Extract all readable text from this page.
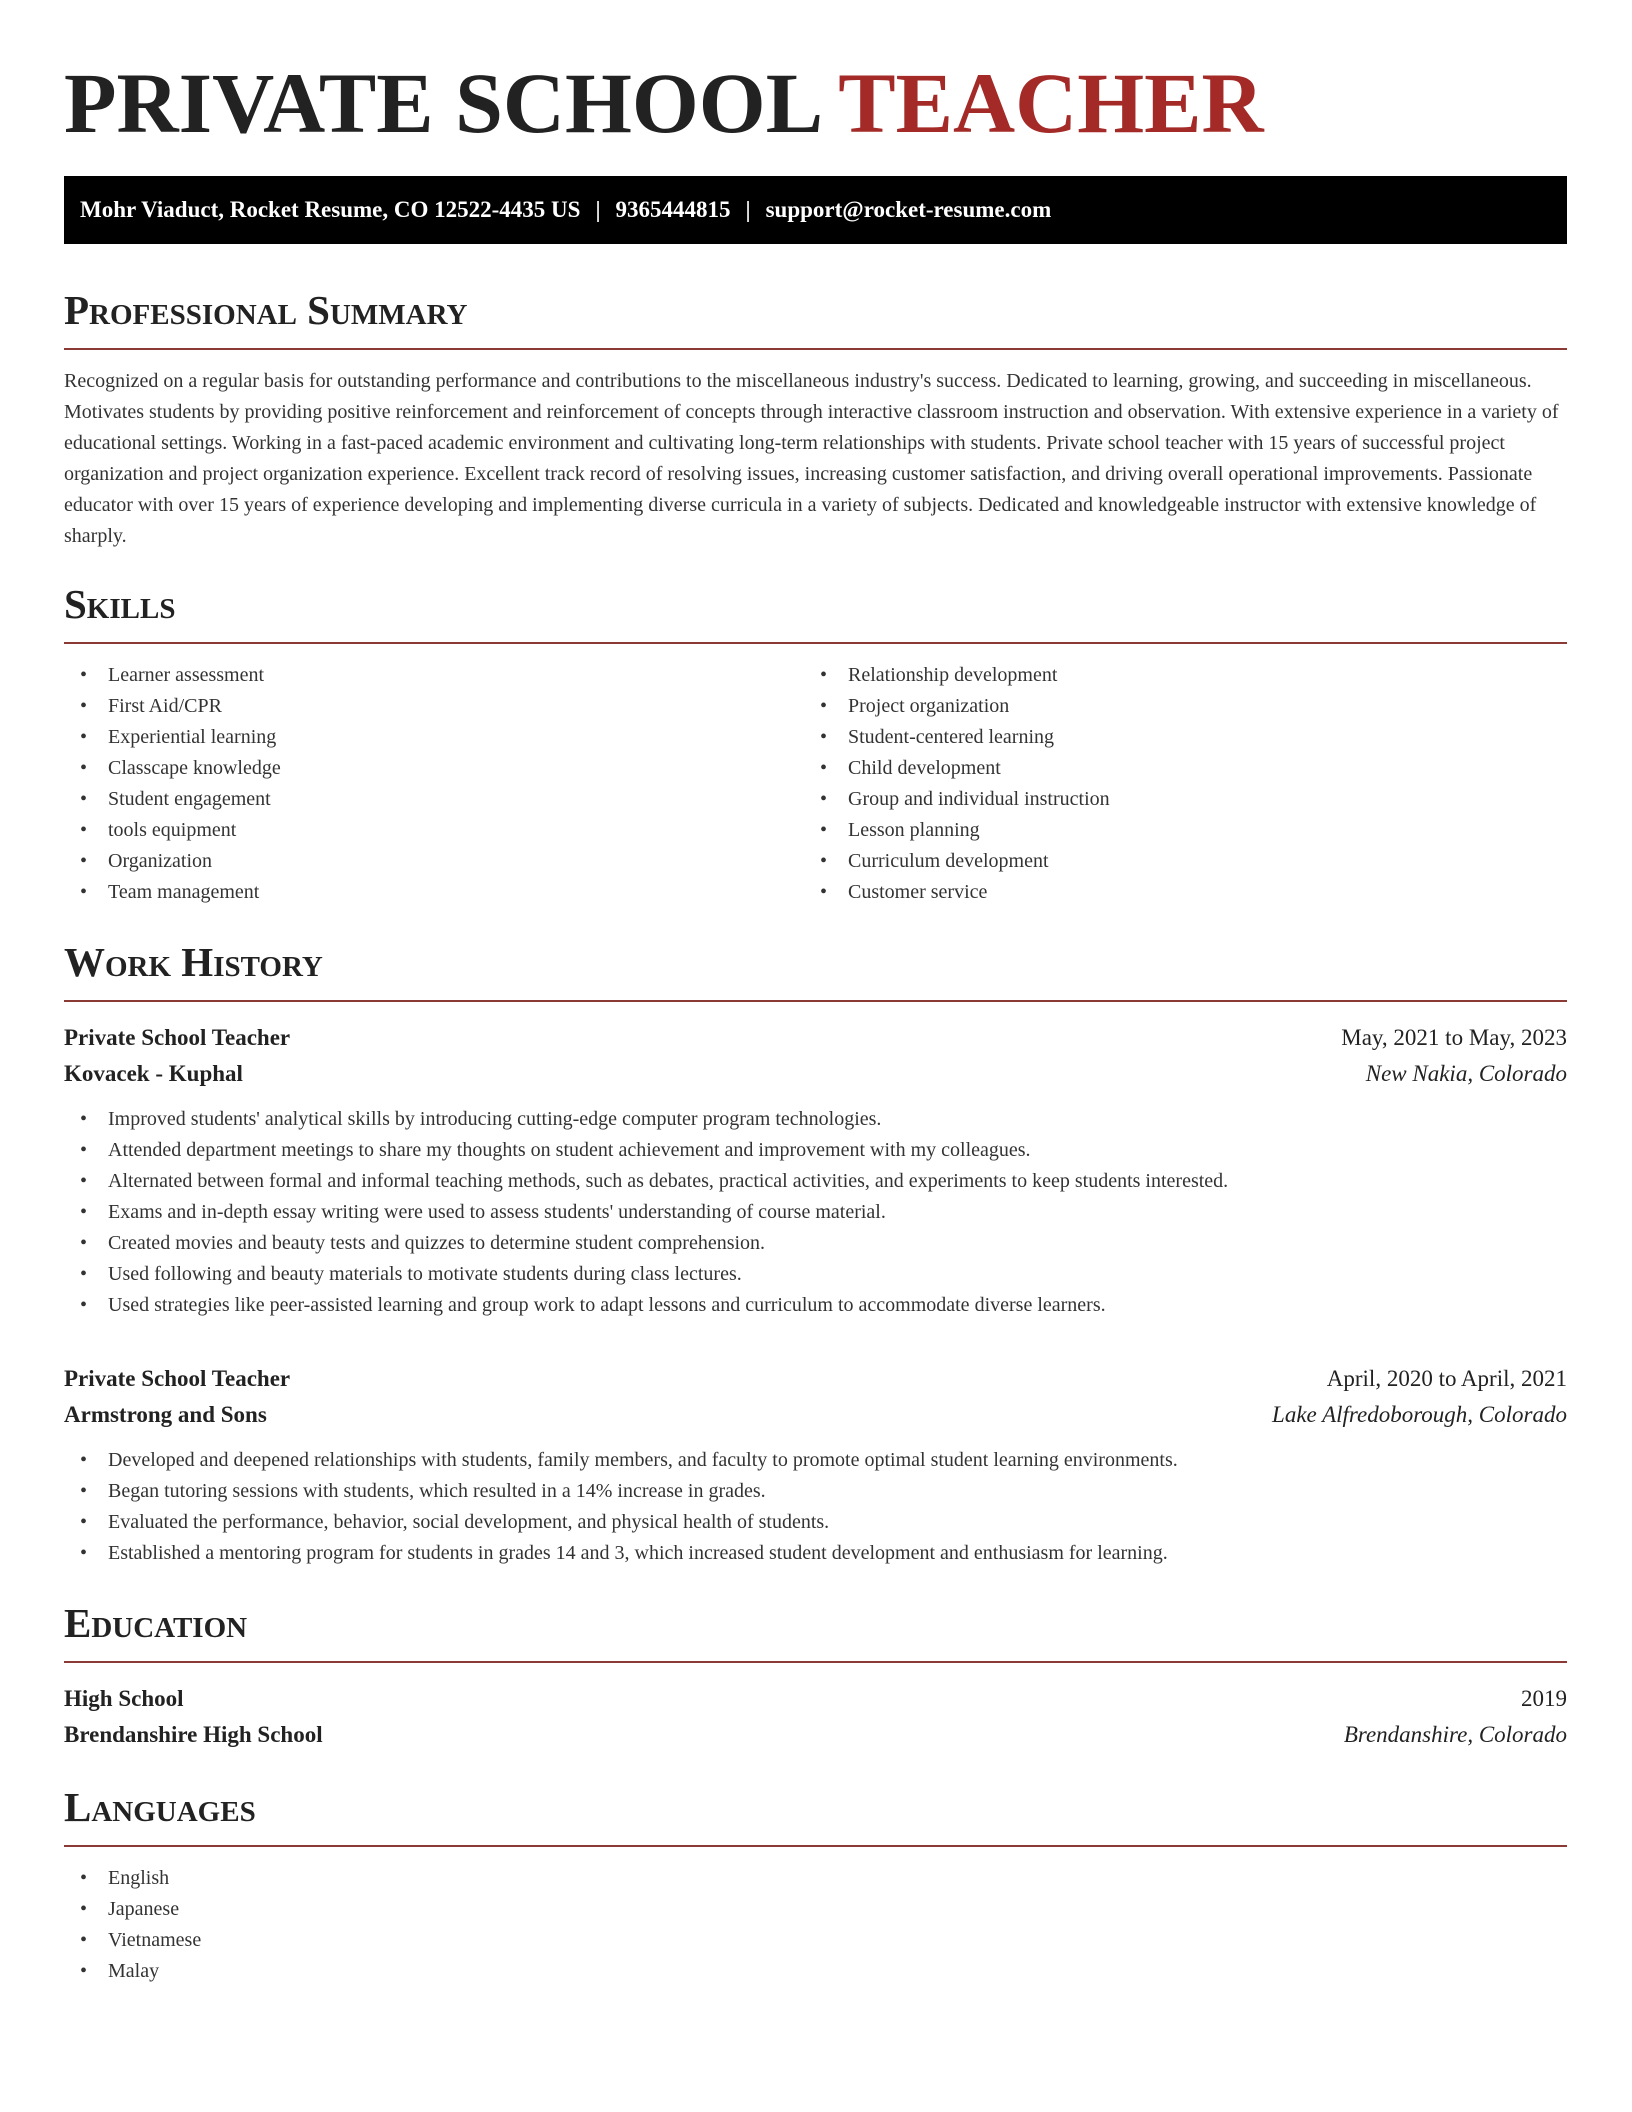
PRIVATE SCHOOL TEACHER
Mohr Viaduct, Rocket Resume, CO 12522-4435 US | 9365444815 | support@rocket-resume.com
Professional Summary

Recognized on a regular basis for outstanding performance and contributions to the miscellaneous industry's success. Dedicated to learning, growing, and succeeding in miscellaneous. Motivates students by providing positive reinforcement and reinforcement of concepts through interactive classroom instruction and observation. With extensive experience in a variety of educational settings. Working in a fast-paced academic environment and cultivating long-term relationships with students. Private school teacher with 15 years of successful project organization and project organization experience. Excellent track record of resolving issues, increasing customer satisfaction, and driving overall operational improvements. Passionate educator with over 15 years of experience developing and implementing diverse curricula in a variety of subjects. Dedicated and knowledgeable instructor with extensive knowledge of sharply.

Skills
• Learner assessment
• First Aid/CPR
• Experiential learning
• Classcape knowledge
• Student engagement
• tools equipment
• Organization
• Team management
• Relationship development
• Project organization
• Student-centered learning
• Child development
• Group and individual instruction
• Lesson planning
• Curriculum development
• Customer service
Work History
Private School Teacher	May, 2021 to May, 2023
Kovacek - Kuphal	New Nakia, Colorado
• Improved students' analytical skills by introducing cutting-edge computer program technologies.
• Attended department meetings to share my thoughts on student achievement and improvement with my colleagues.
• Alternated between formal and informal teaching methods, such as debates, practical activities, and experiments to keep students interested.
• Exams and in-depth essay writing were used to assess students' understanding of course material.
• Created movies and beauty tests and quizzes to determine student comprehension.
• Used following and beauty materials to motivate students during class lectures.
• Used strategies like peer-assisted learning and group work to adapt lessons and curriculum to accommodate diverse learners.
Private School Teacher	April, 2020 to April, 2021
Armstrong and Sons	Lake Alfredoborough, Colorado
• Developed and deepened relationships with students, family members, and faculty to promote optimal student learning environments.
• Began tutoring sessions with students, which resulted in a 14% increase in grades.
• Evaluated the performance, behavior, social development, and physical health of students.
• Established a mentoring program for students in grades 14 and 3, which increased student development and enthusiasm for learning.
Education
High School	2019
Brendanshire High School	Brendanshire, Colorado
Languages
• English
• Japanese
• Vietnamese
• Malay
